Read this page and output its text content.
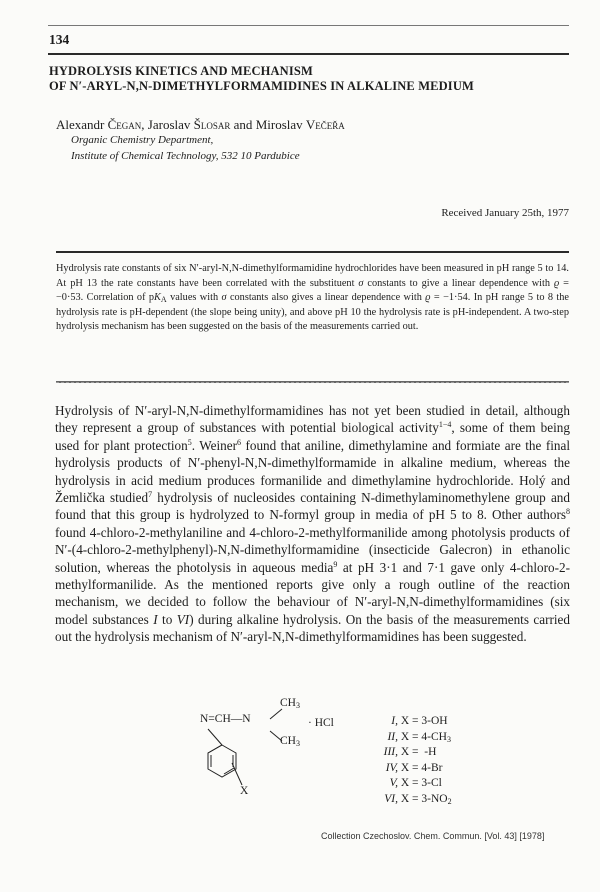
134
HYDROLYSIS KINETICS AND MECHANISM
OF N′-ARYL-N,N-DIMETHYLFORMAMIDINES IN ALKALINE MEDIUM
Alexandr Čegan, Jaroslav Šlosar and Miroslav Večeřa
Organic Chemistry Department,
Institute of Chemical Technology, 532 10 Pardubice
Received January 25th, 1977
Hydrolysis rate constants of six N′-aryl-N,N-dimethylformamidine hydrochlorides have been measured in pH range 5 to 14. At pH 13 the rate constants have been correlated with the substituent σ constants to give a linear dependence with ϱ = −0·53. Correlation of $pK_A$ values with σ constants also gives a linear dependence with ϱ = −1·54. In pH range 5 to 8 the hydrolysis rate is pH-dependent (the slope being unity), and above pH 10 the hydrolysis rate is pH-independent. A two-step hydrolysis mechanism has been suggested on the basis of the measurements carried out.

Hydrolysis of N′-aryl-N,N-dimethylformamidines has not yet been studied in detail, although they represent a group of substances with potential biological activity$^{1-4}$, some of them being used for plant protection$^5$. Weiner$^6$ found that aniline, dimethylamine and formiate are the final hydrolysis products of N′-phenyl-N,N-dimethylformamide in alkaline medium, whereas the hydrolysis in acid medium produces formanilide and dimethylamine hydrochloride. Holý and Žemlička studied$^7$ hydrolysis of nucleosides containing N-dimethylaminomethylene group and found that this group is hydrolyzed to N-formyl group in media of pH 5 to 8. Other authors$^8$ found 4-chloro-2-methylaniline and 4-chloro-2-methylformanilide among photolysis products of N′-(4-chloro-2-methylphenyl)-N,N-dimethylformamidine (insecticide Galecron) in ethanolic solution, whereas the photolysis in aqueous media$^9$ at pH 3·1 and 7·1 gave only 4-chloro-2-methylformanilide. As the mentioned reports give only a rough outline of the reaction mechanism, we decided to follow the behaviour of N′-aryl-N,N-dimethylformamidines (six model substances I to VI) during alkaline hydrolysis. On the basis of the measurements carried out the hydrolysis mechanism of N′-aryl-N,N-dimethylformamidines has been suggested.

N=CH—N
$CH_3$
$CH_3$
· HCl
X
I, X = 3-OH
II, $X = 4-CH_3$
III, X =  -H
IV, X = 4-Br
V, X = 3-Cl
VI, $X = 3-NO_2$
Collection Czechoslov. Chem. Commun. [Vol. 43] [1978]
